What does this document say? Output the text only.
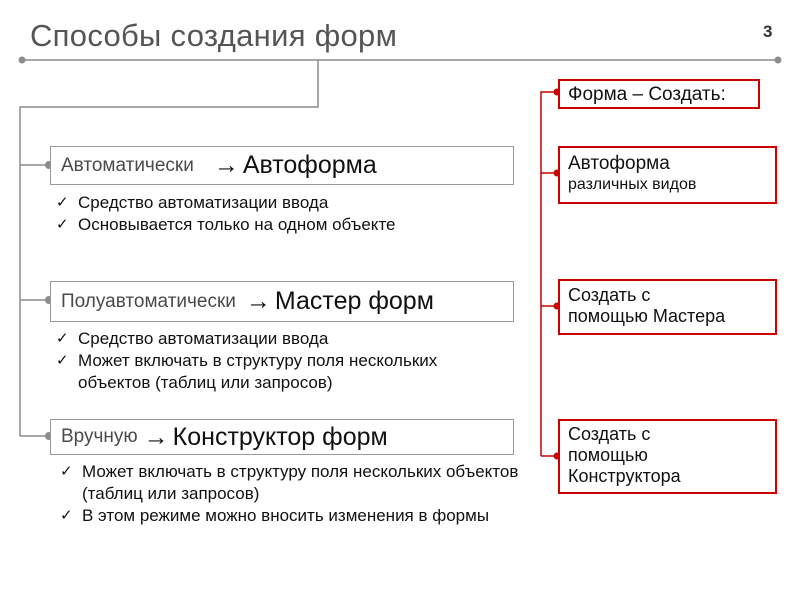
Способы создания форм	3
Автоматически → Автоформа
✓ Средство автоматизации ввода
✓ Основывается только на одном объекте
Полуавтоматически → Мастер форм
✓ Средство автоматизации ввода
✓ Может включать в структуру поля нескольких объектов (таблиц или запросов)
Вручную → Конструктор форм
✓ Может включать в структуру поля нескольких объектов (таблиц или запросов)
✓ В этом режиме можно вносить изменения в формы
Форма – Создать:
Автоформа
различных видов
Создать с
помощью Мастера
Создать с
помощью
Конструктора
